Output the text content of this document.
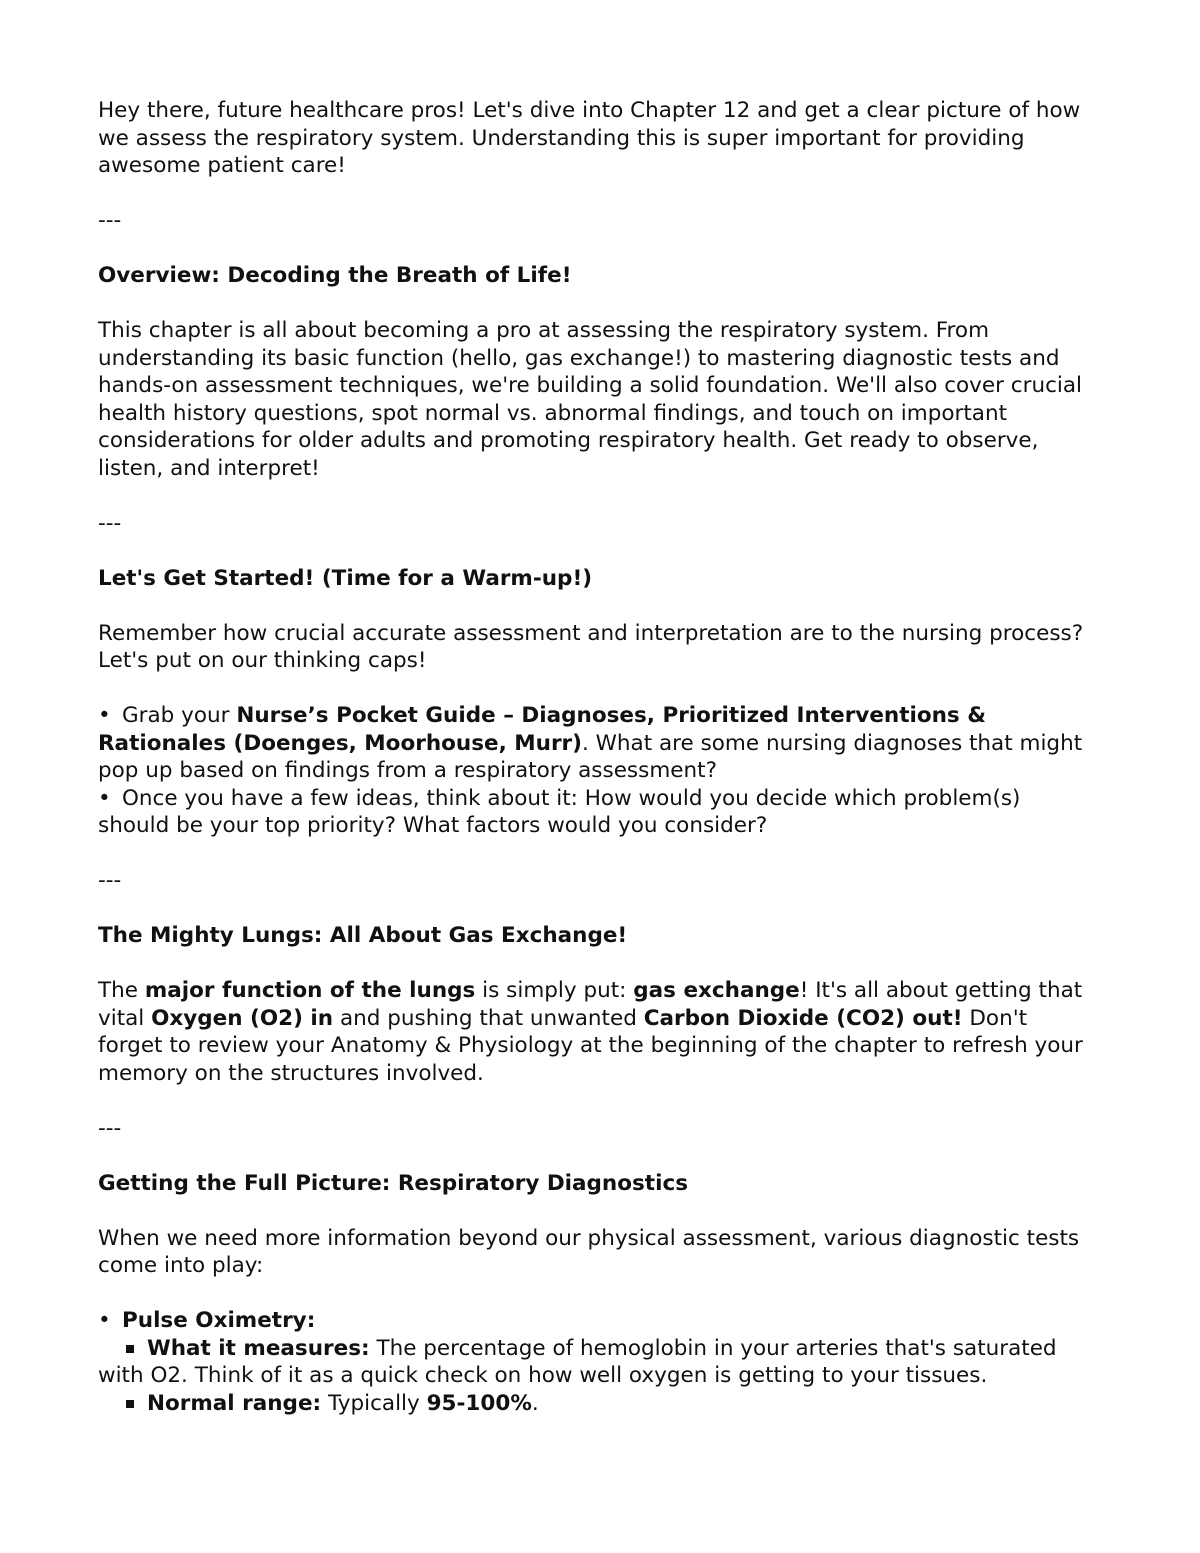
Hey there, future healthcare pros! Let's dive into Chapter 12 and get a clear picture of how we assess the respiratory system. Understanding this is super important for providing awesome patient care!

---

Overview: Decoding the Breath of Life!

This chapter is all about becoming a pro at assessing the respiratory system. From understanding its basic function (hello, gas exchange!) to mastering diagnostic tests and hands-on assessment techniques, we're building a solid foundation. We'll also cover crucial health history questions, spot normal vs. abnormal findings, and touch on important considerations for older adults and promoting respiratory health. Get ready to observe, listen, and interpret!

---

Let's Get Started! (Time for a Warm-up!)

Remember how crucial accurate assessment and interpretation are to the nursing process? Let's put on our thinking caps!

• Grab your Nurse’s Pocket Guide – Diagnoses, Prioritized Interventions & Rationales (Doenges, Moorhouse, Murr). What are some nursing diagnoses that might pop up based on findings from a respiratory assessment?

• Once you have a few ideas, think about it: How would you decide which problem(s) should be your top priority? What factors would you consider?

---

The Mighty Lungs: All About Gas Exchange!

The major function of the lungs is simply put: gas exchange! It's all about getting that vital Oxygen (O2) in and pushing that unwanted Carbon Dioxide (CO2) out! Don't forget to review your Anatomy & Physiology at the beginning of the chapter to refresh your memory on the structures involved.

---

Getting the Full Picture: Respiratory Diagnostics

When we need more information beyond our physical assessment, various diagnostic tests come into play:

• Pulse Oximetry:

What it measures: The percentage of hemoglobin in your arteries that's saturated with O2. Think of it as a quick check on how well oxygen is getting to your tissues.

Normal range: Typically 95-100%.
